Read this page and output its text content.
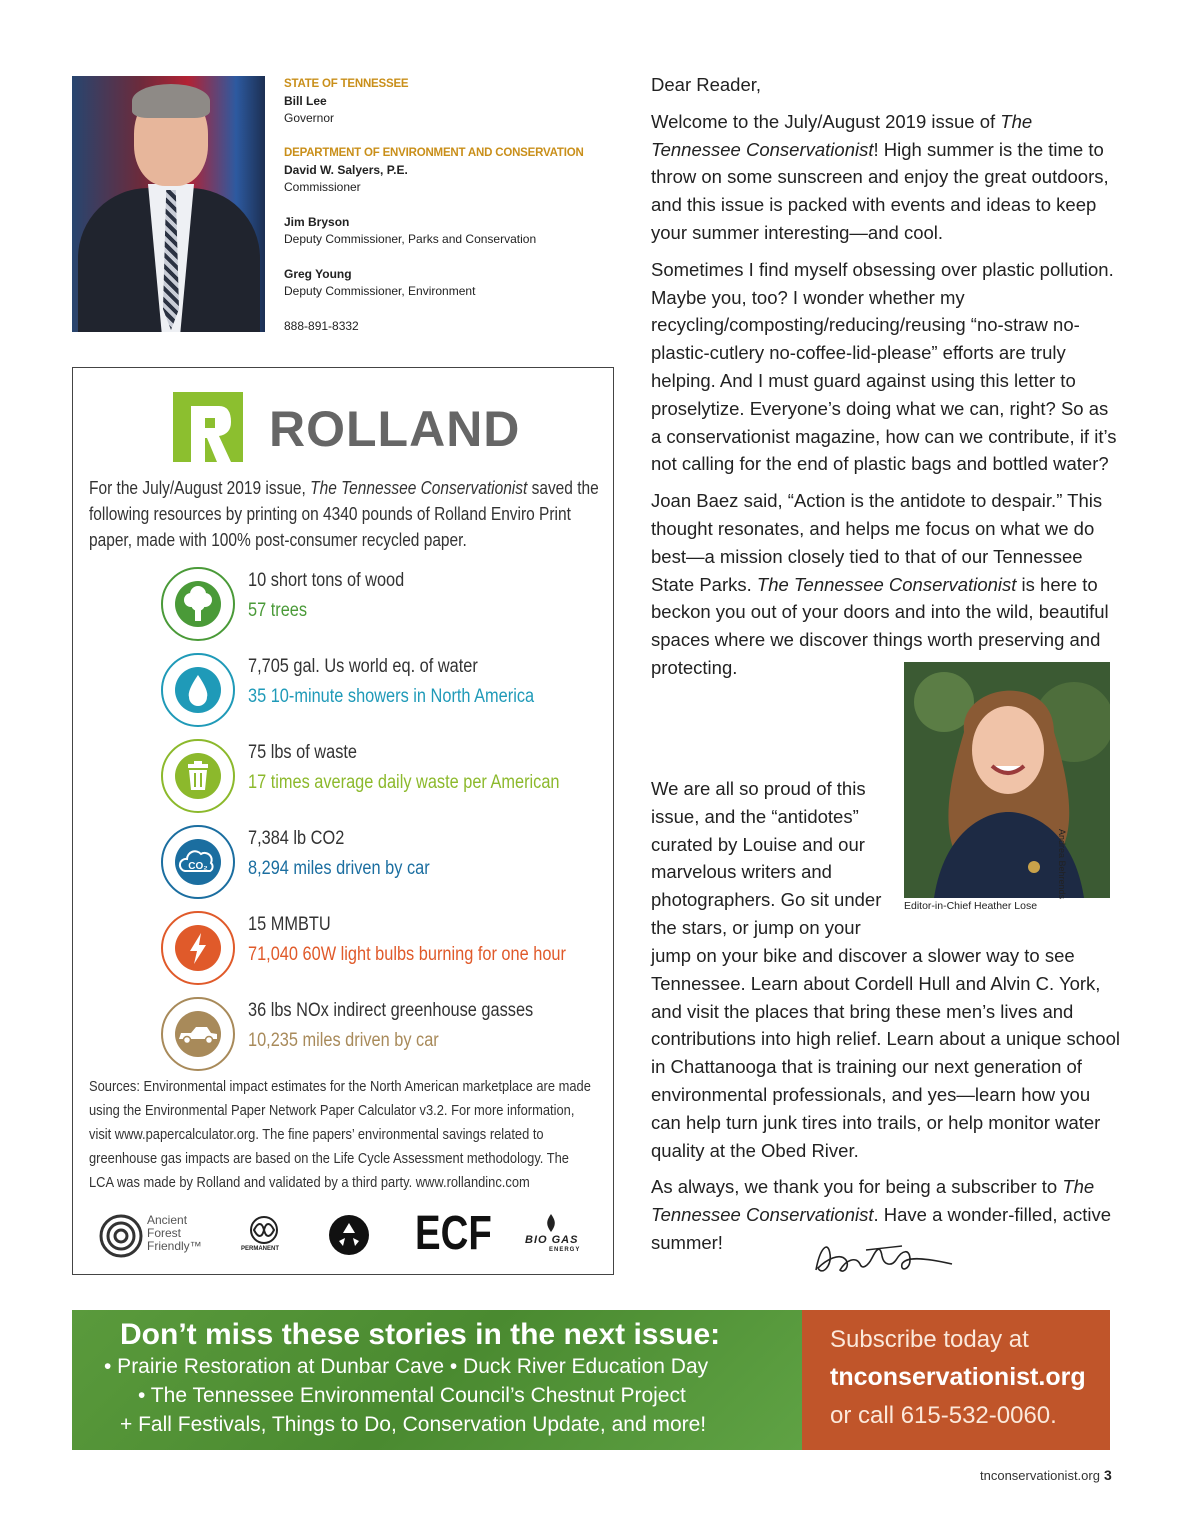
STATE OF TENNESSEE
Bill Lee
Governor
DEPARTMENT OF ENVIRONMENT AND CONSERVATION
David W. Salyers, P.E.
Commissioner
Jim Bryson
Deputy Commissioner, Parks and Conservation
Greg Young
Deputy Commissioner, Environment
888-891-8332
ROLLAND
For the July/August 2019 issue, The Tennessee Conservationist saved the following resources by printing on 4340 pounds of Rolland Enviro Print paper, made with 100% post-consumer recycled paper.
10 short tons of wood
57 trees
7,705 gal. Us world eq. of water
35 10-minute showers in North America
75 lbs of waste
17 times average daily waste per American
CO₂
7,384 lb CO2
8,294 miles driven by car
15 MMBTU
71,040 60W light bulbs burning for one hour
36 lbs NOx indirect greenhouse gasses
10,235 miles driven by car
Sources: Environmental impact estimates for the North American marketplace are made using the Environmental Paper Network Paper Calculator v3.2. For more information, visit www.papercalculator.org. The fine papers’ environmental savings related to greenhouse gas impacts are based on the Life Cycle Assessment methodology. The LCA was made by Rolland and validated by a third party. www.rollandinc.com
Ancient Forest Friendly™	PERMANENT	ECF	BIO GAS
ENERGY

Dear Reader,

Welcome to the July/August 2019 issue of The Tennessee Conservationist! High summer is the time to throw on some sunscreen and enjoy the great outdoors, and this issue is packed with events and ideas to keep your summer interesting—and cool.

Sometimes I find myself obsessing over plastic pollution. Maybe you, too? I wonder whether my recycling/composting/reducing/reusing “no-straw no-plastic-cutlery no-coffee-lid-please” efforts are truly helping. And I must guard against using this letter to proselytize. Everyone’s doing what we can, right? So as a conservationist magazine, how can we contribute, if it’s not calling for the end of plastic bags and bottled water?

Joan Baez said, “Action is the antidote to despair.” This thought resonates, and helps me focus on what we do best—a mission closely tied to that of our Tennessee State Parks. The Tennessee Conservationist is here to beckon you out of your doors and into the wild, beautiful spaces where we discover things worth preserving and protecting.

We are all so proud of this issue, and the “antidotes” curated by Louise and our marvelous writers and photographers. Go sit under the stars, or jump on your

jump on your bike and discover a slower way to see Tennessee. Learn about Cordell Hull and Alvin C. York, and visit the places that bring these men’s lives and contributions into high relief. Learn about a unique school in Chattanooga that is training our next generation of environmental professionals, and yes—learn how you can help turn junk tires into trails, or help monitor water quality at the Obed River.

As always, we thank you for being a subscriber to The Tennessee Conservationist. Have a wonder-filled, active summer!

Editor-in-Chief Heather Lose
Andrea Behrends
Don’t miss these stories in the next issue:
• Prairie Restoration at Dunbar Cave • Duck River Education Day
• The Tennessee Environmental Council’s Chestnut Project
+ Fall Festivals, Things to Do, Conservation Update, and more!
Subscribe today at
tnconservationist.org
or call 615-532-0060.
tnconservationist.org 3
